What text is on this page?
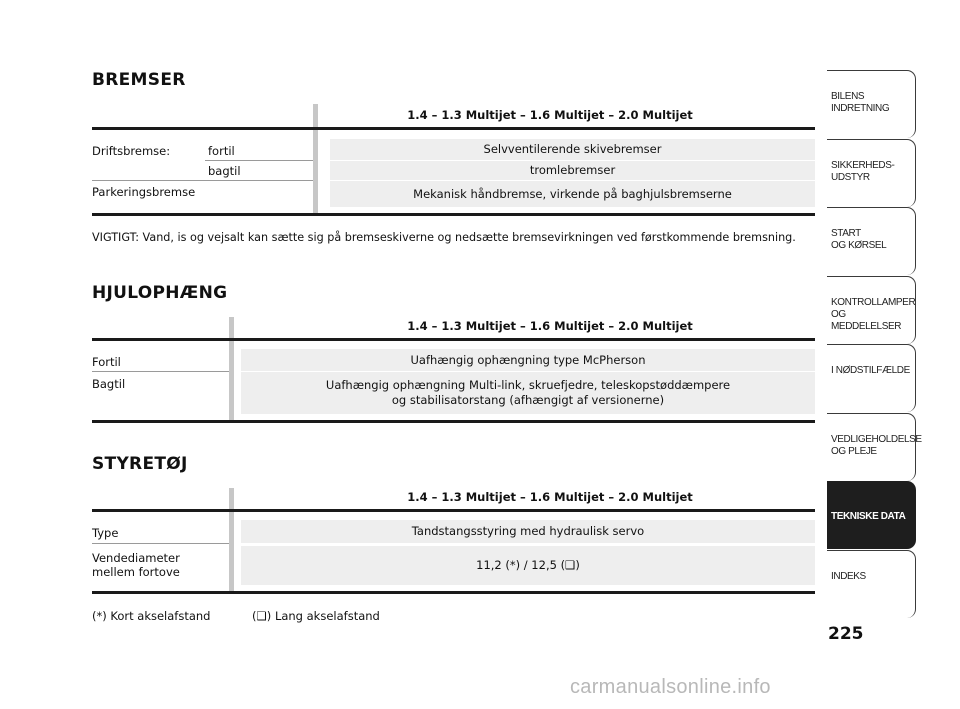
BREMSER
1.4 – 1.3 Multijet – 1.6 Multijet – 2.0 Multijet
Driftsbremse:	fortil
bagtil
Parkeringsbremse
Selvventilerende skivebremser
tromlebremser
Mekanisk håndbremse, virkende på baghjulsbremserne
VIGTIGT: Vand, is og vejsalt kan sætte sig på bremseskiverne og nedsætte bremsevirkningen ved førstkommende bremsning.
HJULOPHÆNG
1.4 – 1.3 Multijet – 1.6 Multijet – 2.0 Multijet
Fortil
Bagtil
Uafhængig ophængning type McPherson
Uafhængig ophængning Multi-link, skruefjedre, teleskopstøddæmpere
og stabilisatorstang (afhængigt af versionerne)
STYRETØJ
1.4 – 1.3 Multijet – 1.6 Multijet – 2.0 Multijet
Type
Vendediameter
mellem fortove
Tandstangsstyring med hydraulisk servo
11,2 (*) / 12,5 (❑)
(*) Kort akselafstand	(❑) Lang akselafstand
BILENS
INDRETNING
SIKKERHEDS-
UDSTYR
START
OG KØRSEL
KONTROLLAMPER
OG MEDDELELSER
I NØDSTILFÆLDE
VEDLIGEHOLDELSE
OG PLEJE
TEKNISKE DATA
INDEKS
225
carmanualsonline.info
